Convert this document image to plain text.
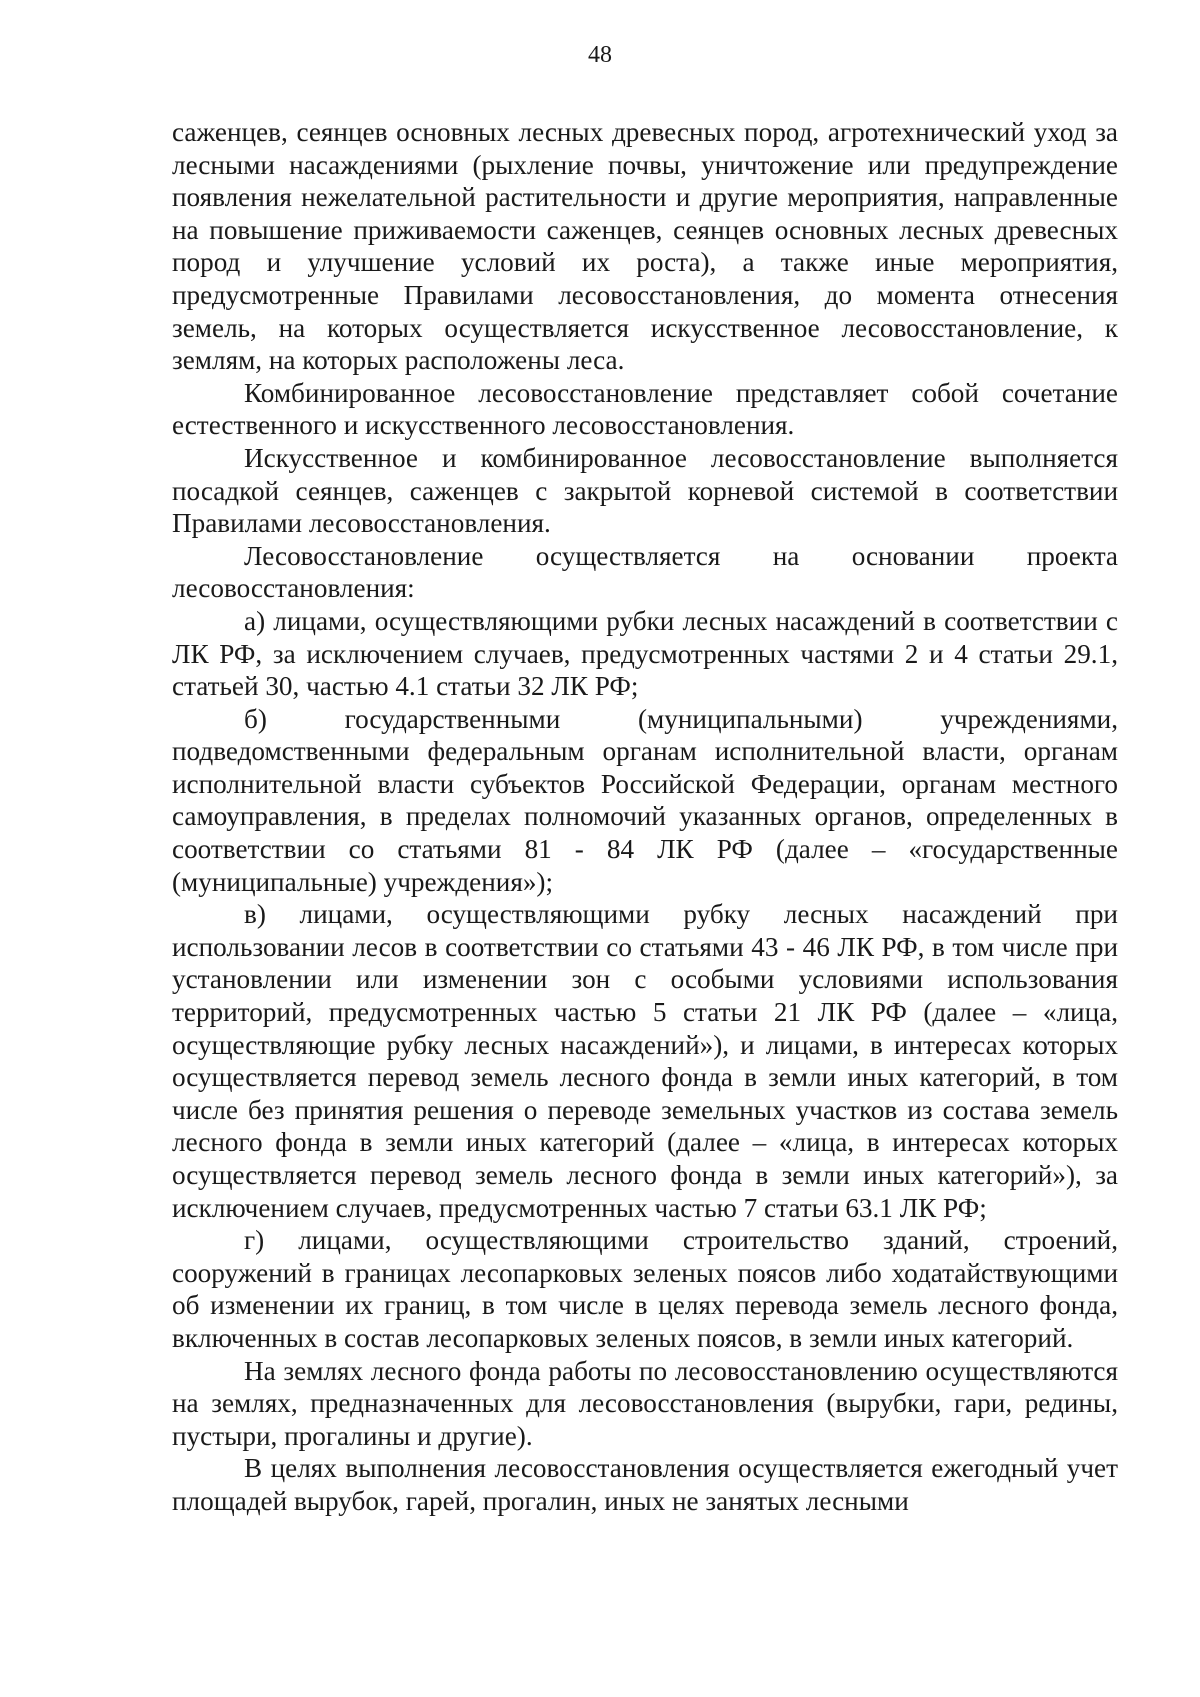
48

саженцев, сеянцев основных лесных древесных пород, агротехнический уход за лесными насаждениями (рыхление почвы, уничтожение или предупреждение появления нежелательной растительности и другие мероприятия, направленные на повышение приживаемости саженцев, сеянцев основных лесных древесных пород и улучшение условий их роста), а также иные мероприятия, предусмотренные Правилами лесовосстановления, до момента отнесения земель, на которых осуществляется искусственное лесовосстановление, к землям, на которых расположены леса.

Комбинированное лесовосстановление представляет собой сочетание естественного и искусственного лесовосстановления.

Искусственное и комбинированное лесовосстановление выполняется посадкой сеянцев, саженцев с закрытой корневой системой в соответствии Правилами лесовосстановления.

Лесовосстановление осуществляется на основании проекта лесовосстановления:

а) лицами, осуществляющими рубки лесных насаждений в соответствии с ЛК РФ, за исключением случаев, предусмотренных частями 2 и 4 статьи 29.1, статьей 30, частью 4.1 статьи 32 ЛК РФ;

б) государственными (муниципальными) учреждениями, подведомственными федеральным органам исполнительной власти, органам исполнительной власти субъектов Российской Федерации, органам местного самоуправления, в пределах полномочий указанных органов, определенных в соответствии со статьями 81 - 84 ЛК РФ (далее – «государственные (муниципальные) учреждения»);

в) лицами, осуществляющими рубку лесных насаждений при использовании лесов в соответствии со статьями 43 - 46 ЛК РФ, в том числе при установлении или изменении зон с особыми условиями использования территорий, предусмотренных частью 5 статьи 21 ЛК РФ (далее – «лица, осуществляющие рубку лесных насаждений»), и лицами, в интересах которых осуществляется перевод земель лесного фонда в земли иных категорий, в том числе без принятия решения о переводе земельных участков из состава земель лесного фонда в земли иных категорий (далее – «лица, в интересах которых осуществляется перевод земель лесного фонда в земли иных категорий»), за исключением случаев, предусмотренных частью 7 статьи 63.1 ЛК РФ;

г) лицами, осуществляющими строительство зданий, строений, сооружений в границах лесопарковых зеленых поясов либо ходатайствующими об изменении их границ, в том числе в целях перевода земель лесного фонда, включенных в состав лесопарковых зеленых поясов, в земли иных категорий.

На землях лесного фонда работы по лесовосстановлению осуществляются на землях, предназначенных для лесовосстановления (вырубки, гари, редины, пустыри, прогалины и другие).

В целях выполнения лесовосстановления осуществляется ежегодный учет площадей вырубок, гарей, прогалин, иных не занятых лесными
